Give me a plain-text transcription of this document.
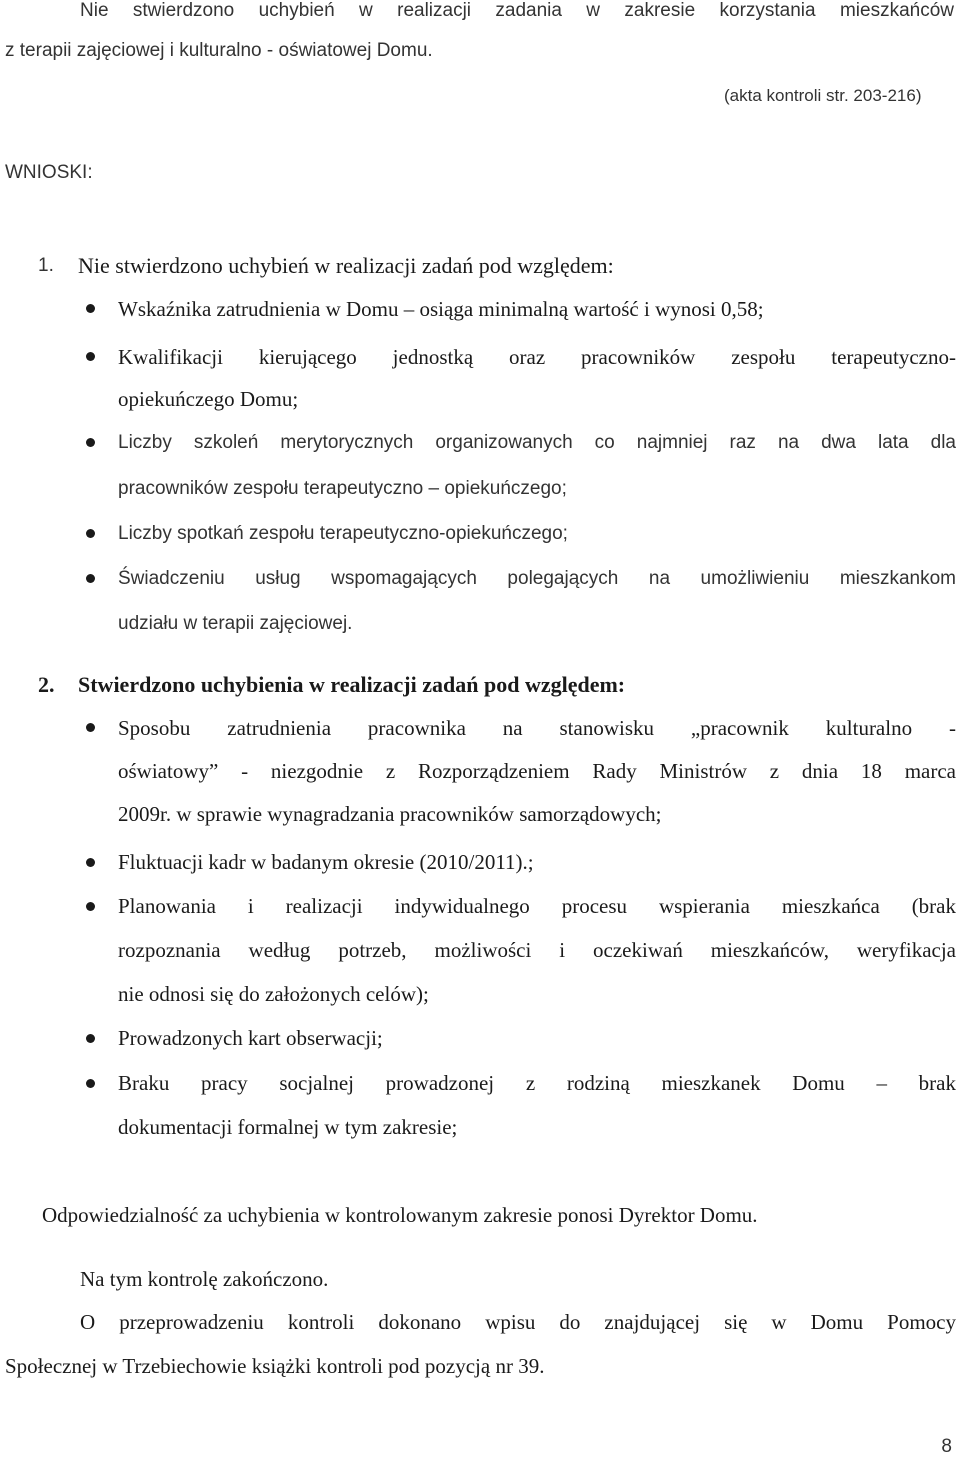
Nie stwierdzono uchybień w realizacji zadania w zakresie korzystania mieszkańców
z terapii zajęciowej i kulturalno - oświatowej Domu.
(akta kontroli str. 203-216)
WNIOSKI:
1. Nie stwierdzono uchybień w realizacji zadań pod względem:
Wskaźnika zatrudnienia w Domu – osiąga minimalną wartość i wynosi 0,58;
Kwalifikacji kierującego jednostką oraz pracowników zespołu terapeutyczno-
opiekuńczego Domu;
Liczby szkoleń merytorycznych organizowanych co najmniej raz na dwa lata dla
pracowników zespołu terapeutyczno – opiekuńczego;
Liczby spotkań zespołu terapeutyczno-opiekuńczego;
Świadczeniu usług wspomagających polegających na umożliwieniu mieszkankom
udziału w terapii zajęciowej.
2. Stwierdzono uchybienia w realizacji zadań pod względem:
Sposobu zatrudnienia pracownika na stanowisku „pracownik kulturalno -
oświatowy” - niezgodnie z Rozporządzeniem Rady Ministrów z dnia 18 marca
2009r. w sprawie wynagradzania pracowników samorządowych;
Fluktuacji kadr w badanym okresie (2010/2011).;
Planowania i realizacji indywidualnego procesu wspierania mieszkańca (brak
rozpoznania według potrzeb, możliwości i oczekiwań mieszkańców, weryfikacja
nie odnosi się do założonych celów);
Prowadzonych kart obserwacji;
Braku pracy socjalnej prowadzonej z rodziną mieszkanek Domu – brak
dokumentacji formalnej w tym zakresie;
Odpowiedzialność za uchybienia w kontrolowanym zakresie ponosi Dyrektor Domu.
Na tym kontrolę zakończono.
O przeprowadzeniu kontroli dokonano wpisu do znajdującej się w Domu Pomocy
Społecznej w Trzebiechowie książki kontroli pod pozycją nr 39.
8
